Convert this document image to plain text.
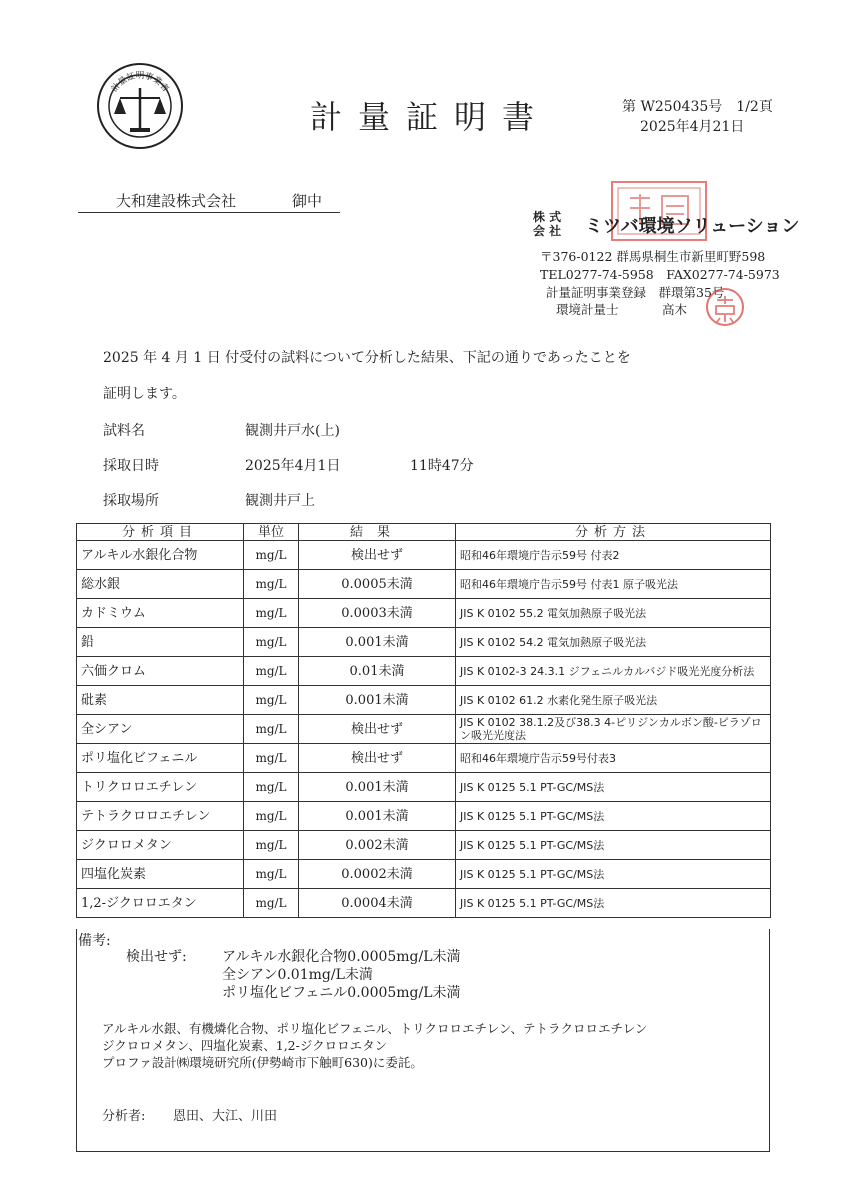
計量証明事業者
計量証明書	第 W250435号　1/2頁
2025年4月21日
大和建設株式会社	御中
株 式
会 社 ミツバ環境ソリューション
〒376-0122 群馬県桐生市新里町野598
TEL0277-74-5958　FAX0277-74-5973
計量証明事業登録　群環第35号
環境計量士	高木
2025 年 4 月 1 日 付受付の試料について分析した結果、下記の通りであったことを
証明します。
試料名	観測井戸水(上)
採取日時	2025年4月1日	11時47分
採取場所	観測井戸上
分析項目	単位	結果	分析方法
アルキル水銀化合物	mg/L	検出せず	昭和46年環境庁告示59号 付表2
総水銀	mg/L	0.0005未満	昭和46年環境庁告示59号 付表1 原子吸光法
カドミウム	mg/L	0.0003未満	JIS K 0102 55.2 電気加熱原子吸光法
鉛	mg/L	0.001未満	JIS K 0102 54.2 電気加熱原子吸光法
六価クロム	mg/L	0.01未満	JIS K 0102-3 24.3.1 ジフェニルカルバジド吸光光度分析法
砒素	mg/L	0.001未満	JIS K 0102 61.2 水素化発生原子吸光法
全シアン	mg/L	検出せず	JIS K 0102 38.1.2及び38.3 4-ピリジンカルボン酸-ピラゾロン吸光光度法
ポリ塩化ビフェニル	mg/L	検出せず	昭和46年環境庁告示59号付表3
トリクロロエチレン	mg/L	0.001未満	JIS K 0125 5.1 PT-GC/MS法
テトラクロロエチレン	mg/L	0.001未満	JIS K 0125 5.1 PT-GC/MS法
ジクロロメタン	mg/L	0.002未満	JIS K 0125 5.1 PT-GC/MS法
四塩化炭素	mg/L	0.0002未満	JIS K 0125 5.1 PT-GC/MS法
1,2-ジクロロエタン	mg/L	0.0004未満	JIS K 0125 5.1 PT-GC/MS法
備考:
検出せず:	アルキル水銀化合物0.0005mg/L未満
全シアン0.01mg/L未満
ポリ塩化ビフェニル0.0005mg/L未満
アルキル水銀、有機燐化合物、ポリ塩化ビフェニル、トリクロロエチレン、テトラクロロエチレン
ジクロロメタン、四塩化炭素、1,2-ジクロロエタン
プロファ設計㈱環境研究所(伊勢崎市下触町630)に委託。
分析者: 恩田、大江、川田
